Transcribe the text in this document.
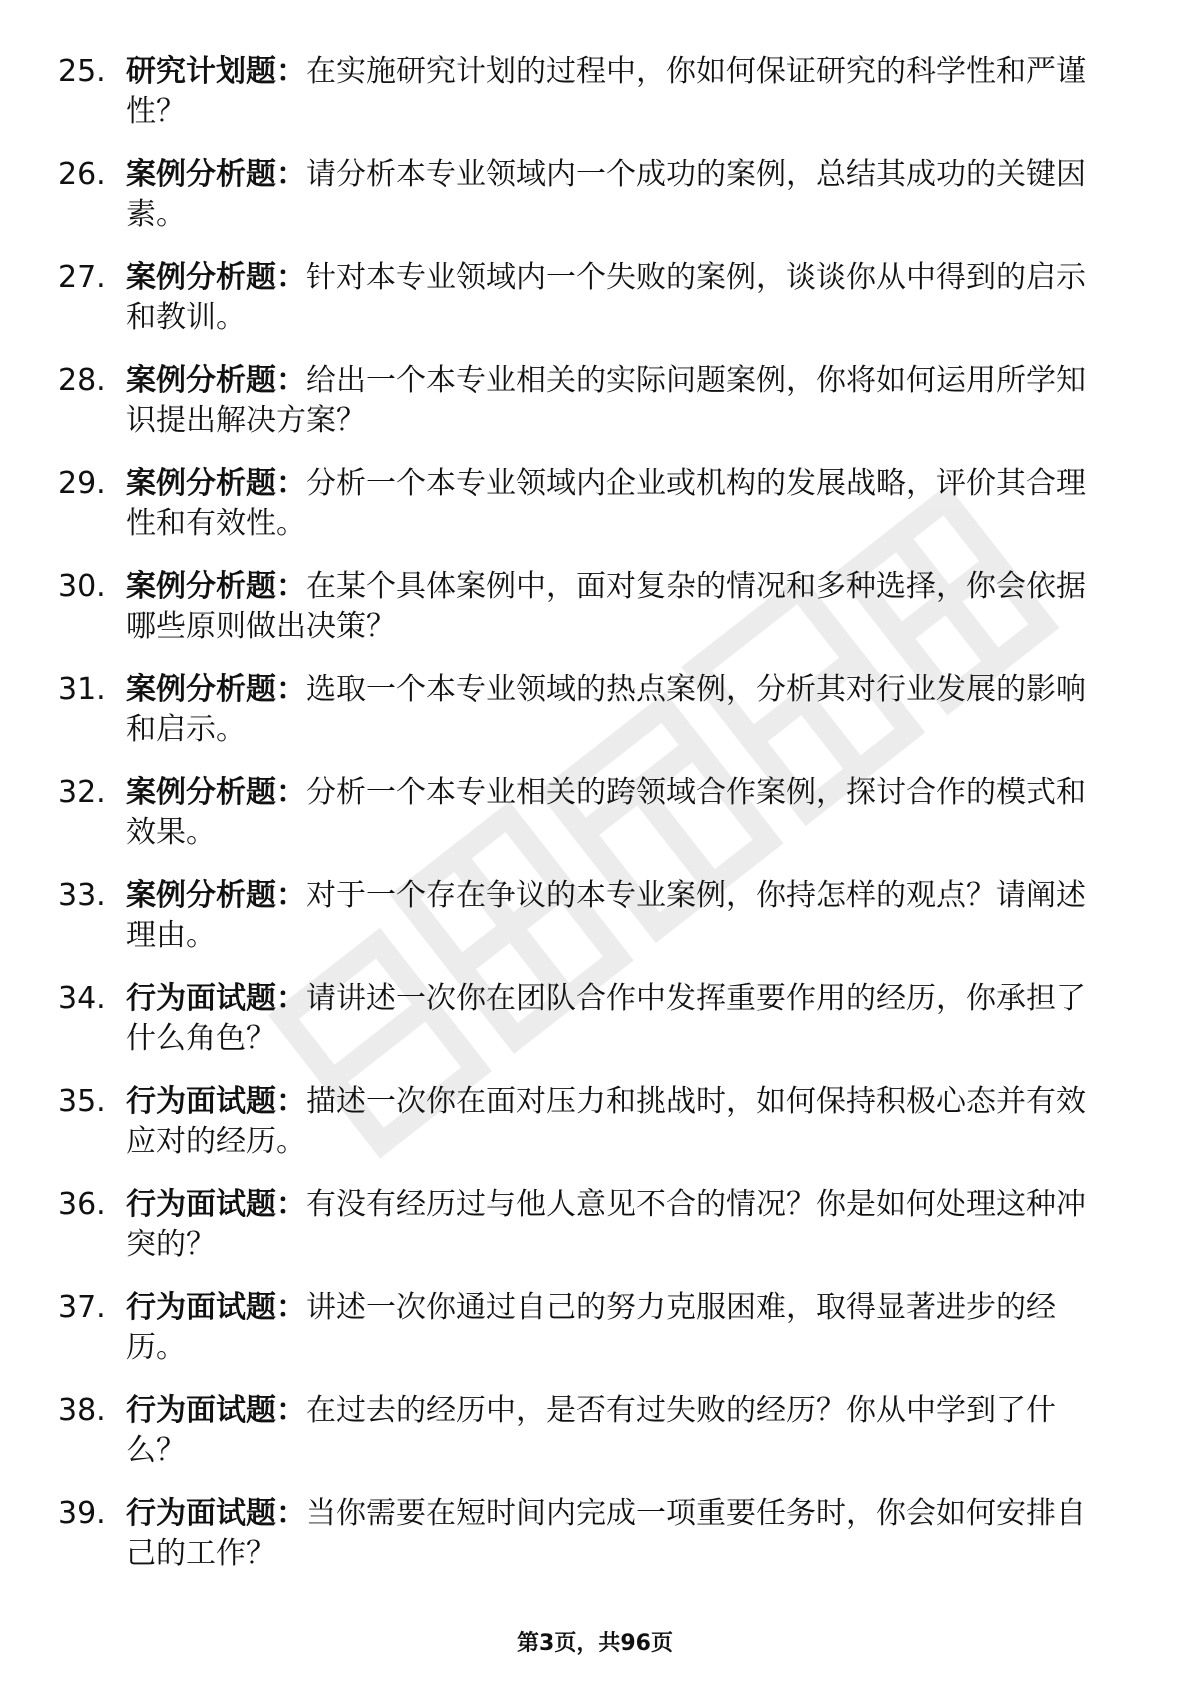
25. 研究计划题：在实施研究计划的过程中，你如何保证研究的科学性和严谨性？
26. 案例分析题：请分析本专业领域内一个成功的案例，总结其成功的关键因素。
27. 案例分析题：针对本专业领域内一个失败的案例，谈谈你从中得到的启示和教训。
28. 案例分析题：给出一个本专业相关的实际问题案例，你将如何运用所学知识提出解决方案？
29. 案例分析题：分析一个本专业领域内企业或机构的发展战略，评价其合理性和有效性。
30. 案例分析题：在某个具体案例中，面对复杂的情况和多种选择，你会依据哪些原则做出决策？
31. 案例分析题：选取一个本专业领域的热点案例，分析其对行业发展的影响和启示。
32. 案例分析题：分析一个本专业相关的跨领域合作案例，探讨合作的模式和效果。
33. 案例分析题：对于一个存在争议的本专业案例，你持怎样的观点？请阐述理由。
34. 行为面试题：请讲述一次你在团队合作中发挥重要作用的经历，你承担了什么角色？
35. 行为面试题：描述一次你在面对压力和挑战时，如何保持积极心态并有效应对的经历。
36. 行为面试题：有没有经历过与他人意见不合的情况？你是如何处理这种冲突的？
37. 行为面试题：讲述一次你通过自己的努力克服困难，取得显著进步的经历。
38. 行为面试题：在过去的经历中，是否有过失败的经历？你从中学到了什么？
39. 行为面试题：当你需要在短时间内完成一项重要任务时，你会如何安排自己的工作？
第3页，共96页
